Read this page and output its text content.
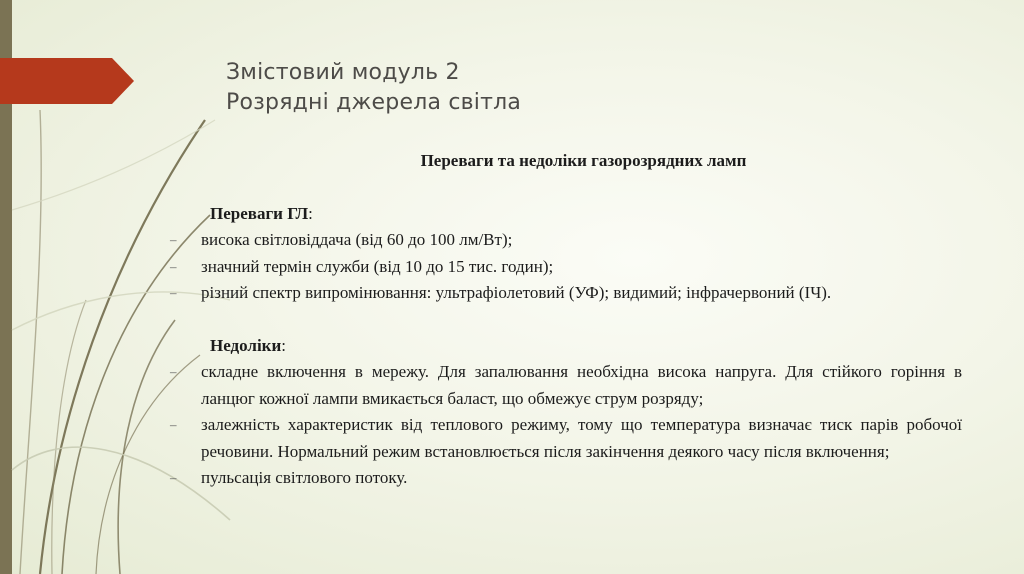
Змістовий модуль 2
Розрядні джерела світла

Переваги та недоліки газорозрядних ламп

Переваги ГЛ:

– висока світловіддача (від 60 до 100 лм/Вт);
– значний термін служби (від 10 до 15 тис. годин);
– різний спектр випромінювання: ультрафіолетовий (УФ); видимий; інфрачервоний (ІЧ).

Недоліки:

– складне включення в мережу. Для запалювання необхідна висока напруга. Для стійкого горіння в ланцюг кожної лампи вмикається баласт, що обмежує струм розряду;
– залежність характеристик від теплового режиму, тому що температура визначає тиск парів робочої речовини. Нормальний режим встановлюється після закінчення деякого часу після включення;
– пульсація світлового потоку.
